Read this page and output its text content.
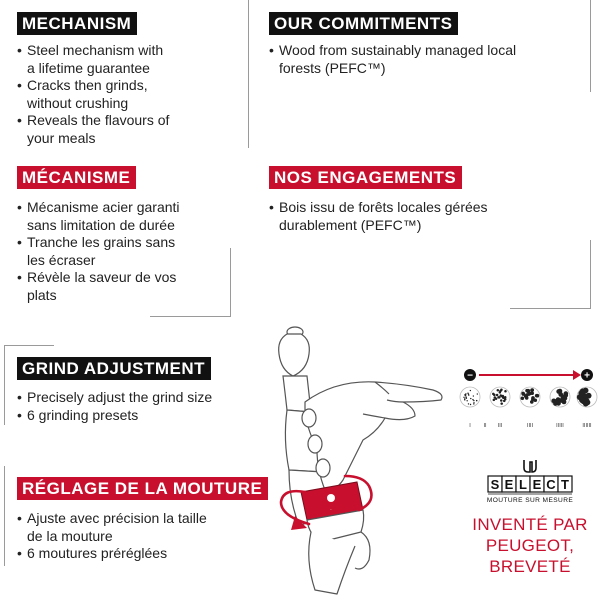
MECHANISM
• Steel mechanism with
a lifetime guarantee
• Cracks then grinds,
without crushing
• Reveals the flavours of
your meals
OUR COMMITMENTS
• Wood from sustainably managed local
forests (PEFC™)
MÉCANISME
• Mécanisme acier garanti
sans limitation de durée
• Tranche les grains sans
les écraser
• Révèle la saveur de vos
plats
NOS ENGAGEMENTS
• Bois issu de forêts locales gérées
durablement (PEFC™)
GRIND ADJUSTMENT
• Precisely adjust the grind size
• 6 grinding presets
RÉGLAGE DE LA MOUTURE
• Ajuste avec précision la taille
de la mouture
• 6 moutures préréglées
·
−	+
I II III	IIII	IIIII	IIIIII
S E L E C T
MOUTURE SUR MESURE
INVENTÉ PAR
PEUGEOT,
BREVETÉ
